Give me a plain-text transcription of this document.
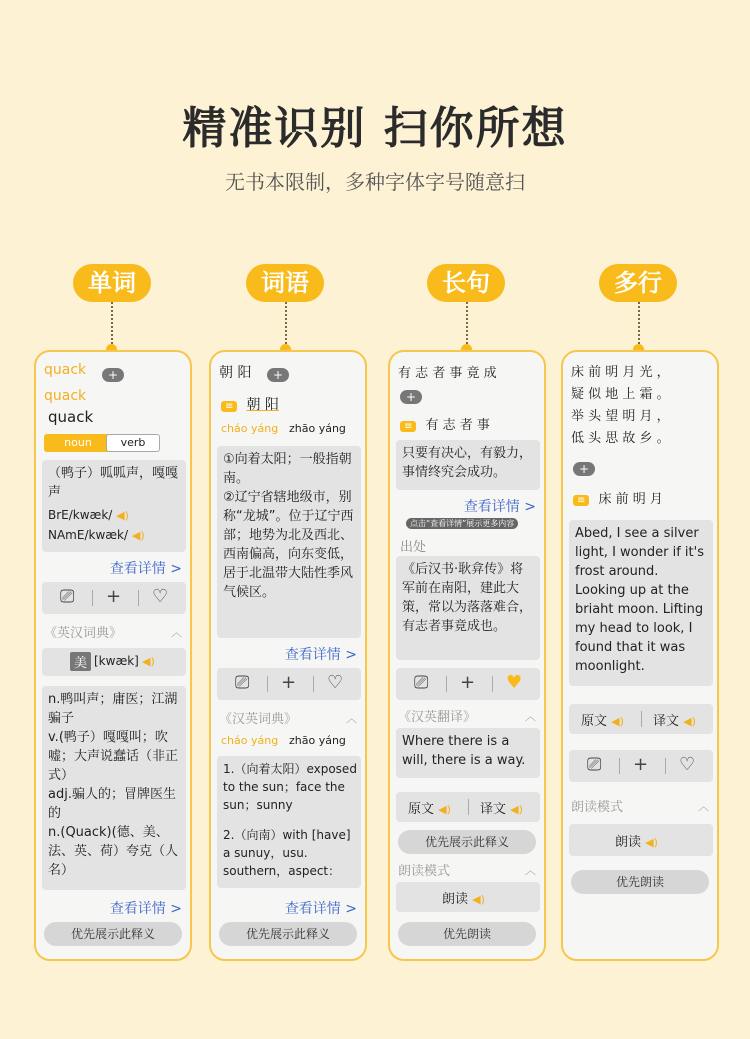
精准识别 扫你所想
无书本限制，多种字体字号随意扫
单词	词语	长句	多行
quack	+
quack
quack
noun	verb
（鸭子）呱呱声，嘎嘎声
BrE/kwæk/ ◀)
NAmE/kwæk/ ◀)
查看详情 >
⎚ + ♡
《英汉词典》	︿
美 [kwæk] ◀)
n.鸭叫声；庸医；江湖骗子
v.(鸭子）嘎嘎叫；吹嘘；大声说蠢话（非正式）
adj.骗人的；冒牌医生的
n.(Quack)(德、美、法、英、荷）夸克（人名）
查看详情 >
优先展示此释义
朝 阳	+
≡ 朝 阳
cháo yáng zhāo yáng
①向着太阳；一般指朝南。
②辽宁省辖地级市，别称“龙城”。位于辽宁西部；地势为北及西北、西南偏高，向东变低，居于北温带大陆性季风气候区。
查看详情 >
⎚ + ♡
《汉英词典》	︿
cháo yáng zhāo yáng
1.（向着太阳）exposed to the sun；face the sun；sunny
2.（向南）with [have] a sunuy，usu. southern，aspect：
查看详情 >
优先展示此释义
有 志 者 事 竟 成
+
≡ 有 志 者 事
只要有决心，有毅力，事情终究会成功。
查看详情 >
点击“查看详情”展示更多内容
出处
《后汉书·耿弇传》将军前在南阳，建此大策，常以为落落难合，有志者事竟成也。
⎚ + ♥
《汉英翻译》	︿
Where there is a will, there is a way.
原文 ◀) 译文 ◀)
优先展示此释义
朗读模式	︿
朗读 ◀)
优先朗读
床 前 明 月 光 ，
疑 似 地 上 霜 。
举 头 望 明 月 ，
低 头 思 故 乡 。
+
≡ 床 前 明 月
Abed, I see a silver light, I wonder if it's frost around. Looking up at the briaht moon. Lifting my head to look, I found that it was moonlight.
原文 ◀) 译文 ◀)
⎚ + ♡
朗读模式	︿
朗读 ◀)
优先朗读
